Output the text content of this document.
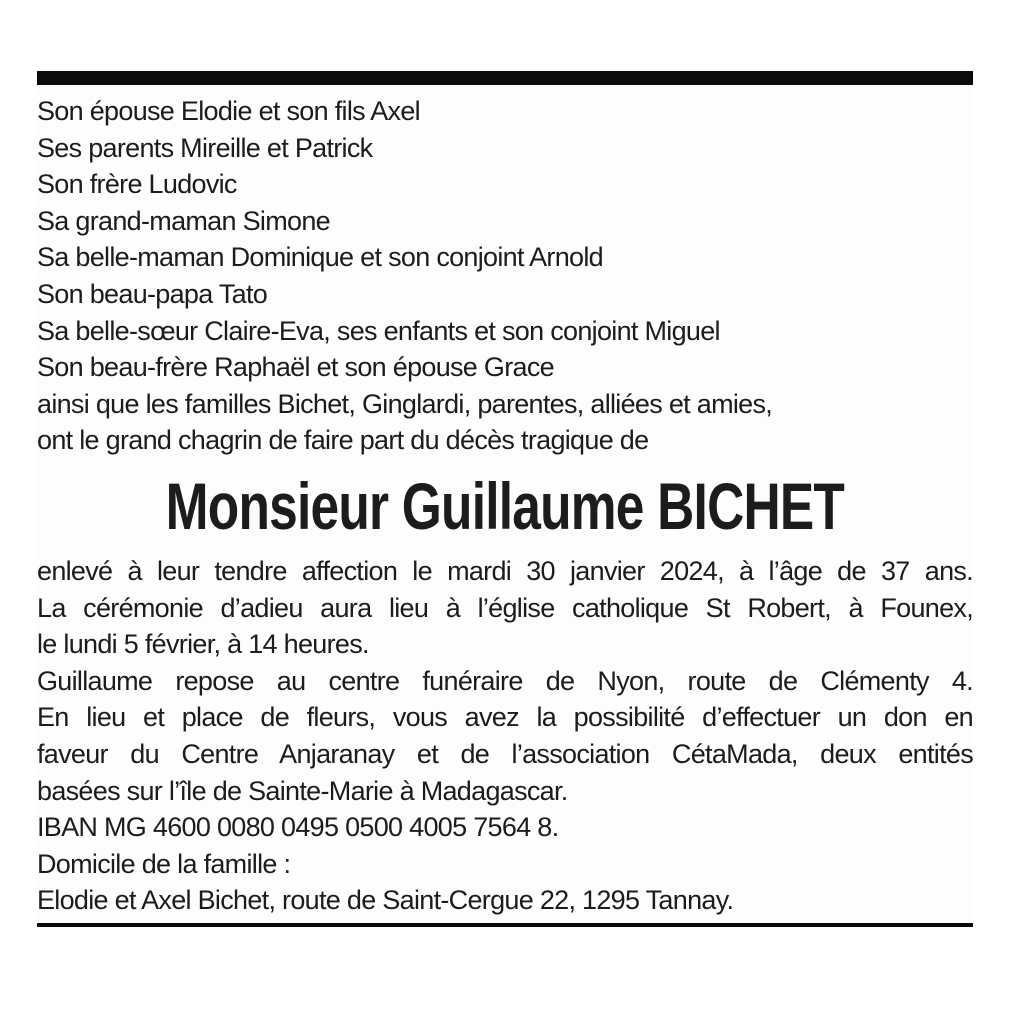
Son épouse Elodie et son fils Axel
Ses parents Mireille et Patrick
Son frère Ludovic
Sa grand-maman Simone
Sa belle-maman Dominique et son conjoint Arnold
Son beau-papa Tato
Sa belle-sœur Claire-Eva, ses enfants et son conjoint Miguel
Son beau-frère Raphaël et son épouse Grace
ainsi que les familles Bichet, Ginglardi, parentes, alliées et amies,
ont le grand chagrin de faire part du décès tragique de
Monsieur Guillaume BICHET
enlevé à leur tendre affection le mardi 30 janvier 2024, à l’âge de 37 ans.
La cérémonie d’adieu aura lieu à l’église catholique St Robert, à Founex,
le lundi 5 février, à 14 heures.
Guillaume repose au centre funéraire de Nyon, route de Clémenty 4.
En lieu et place de fleurs, vous avez la possibilité d’effectuer un don en
faveur du Centre Anjaranay et de l’association CétaMada, deux entités
basées sur l’île de Sainte-Marie à Madagascar.
IBAN MG 4600 0080 0495 0500 4005 7564 8.
Domicile de la famille :
Elodie et Axel Bichet, route de Saint-Cergue 22, 1295 Tannay.
